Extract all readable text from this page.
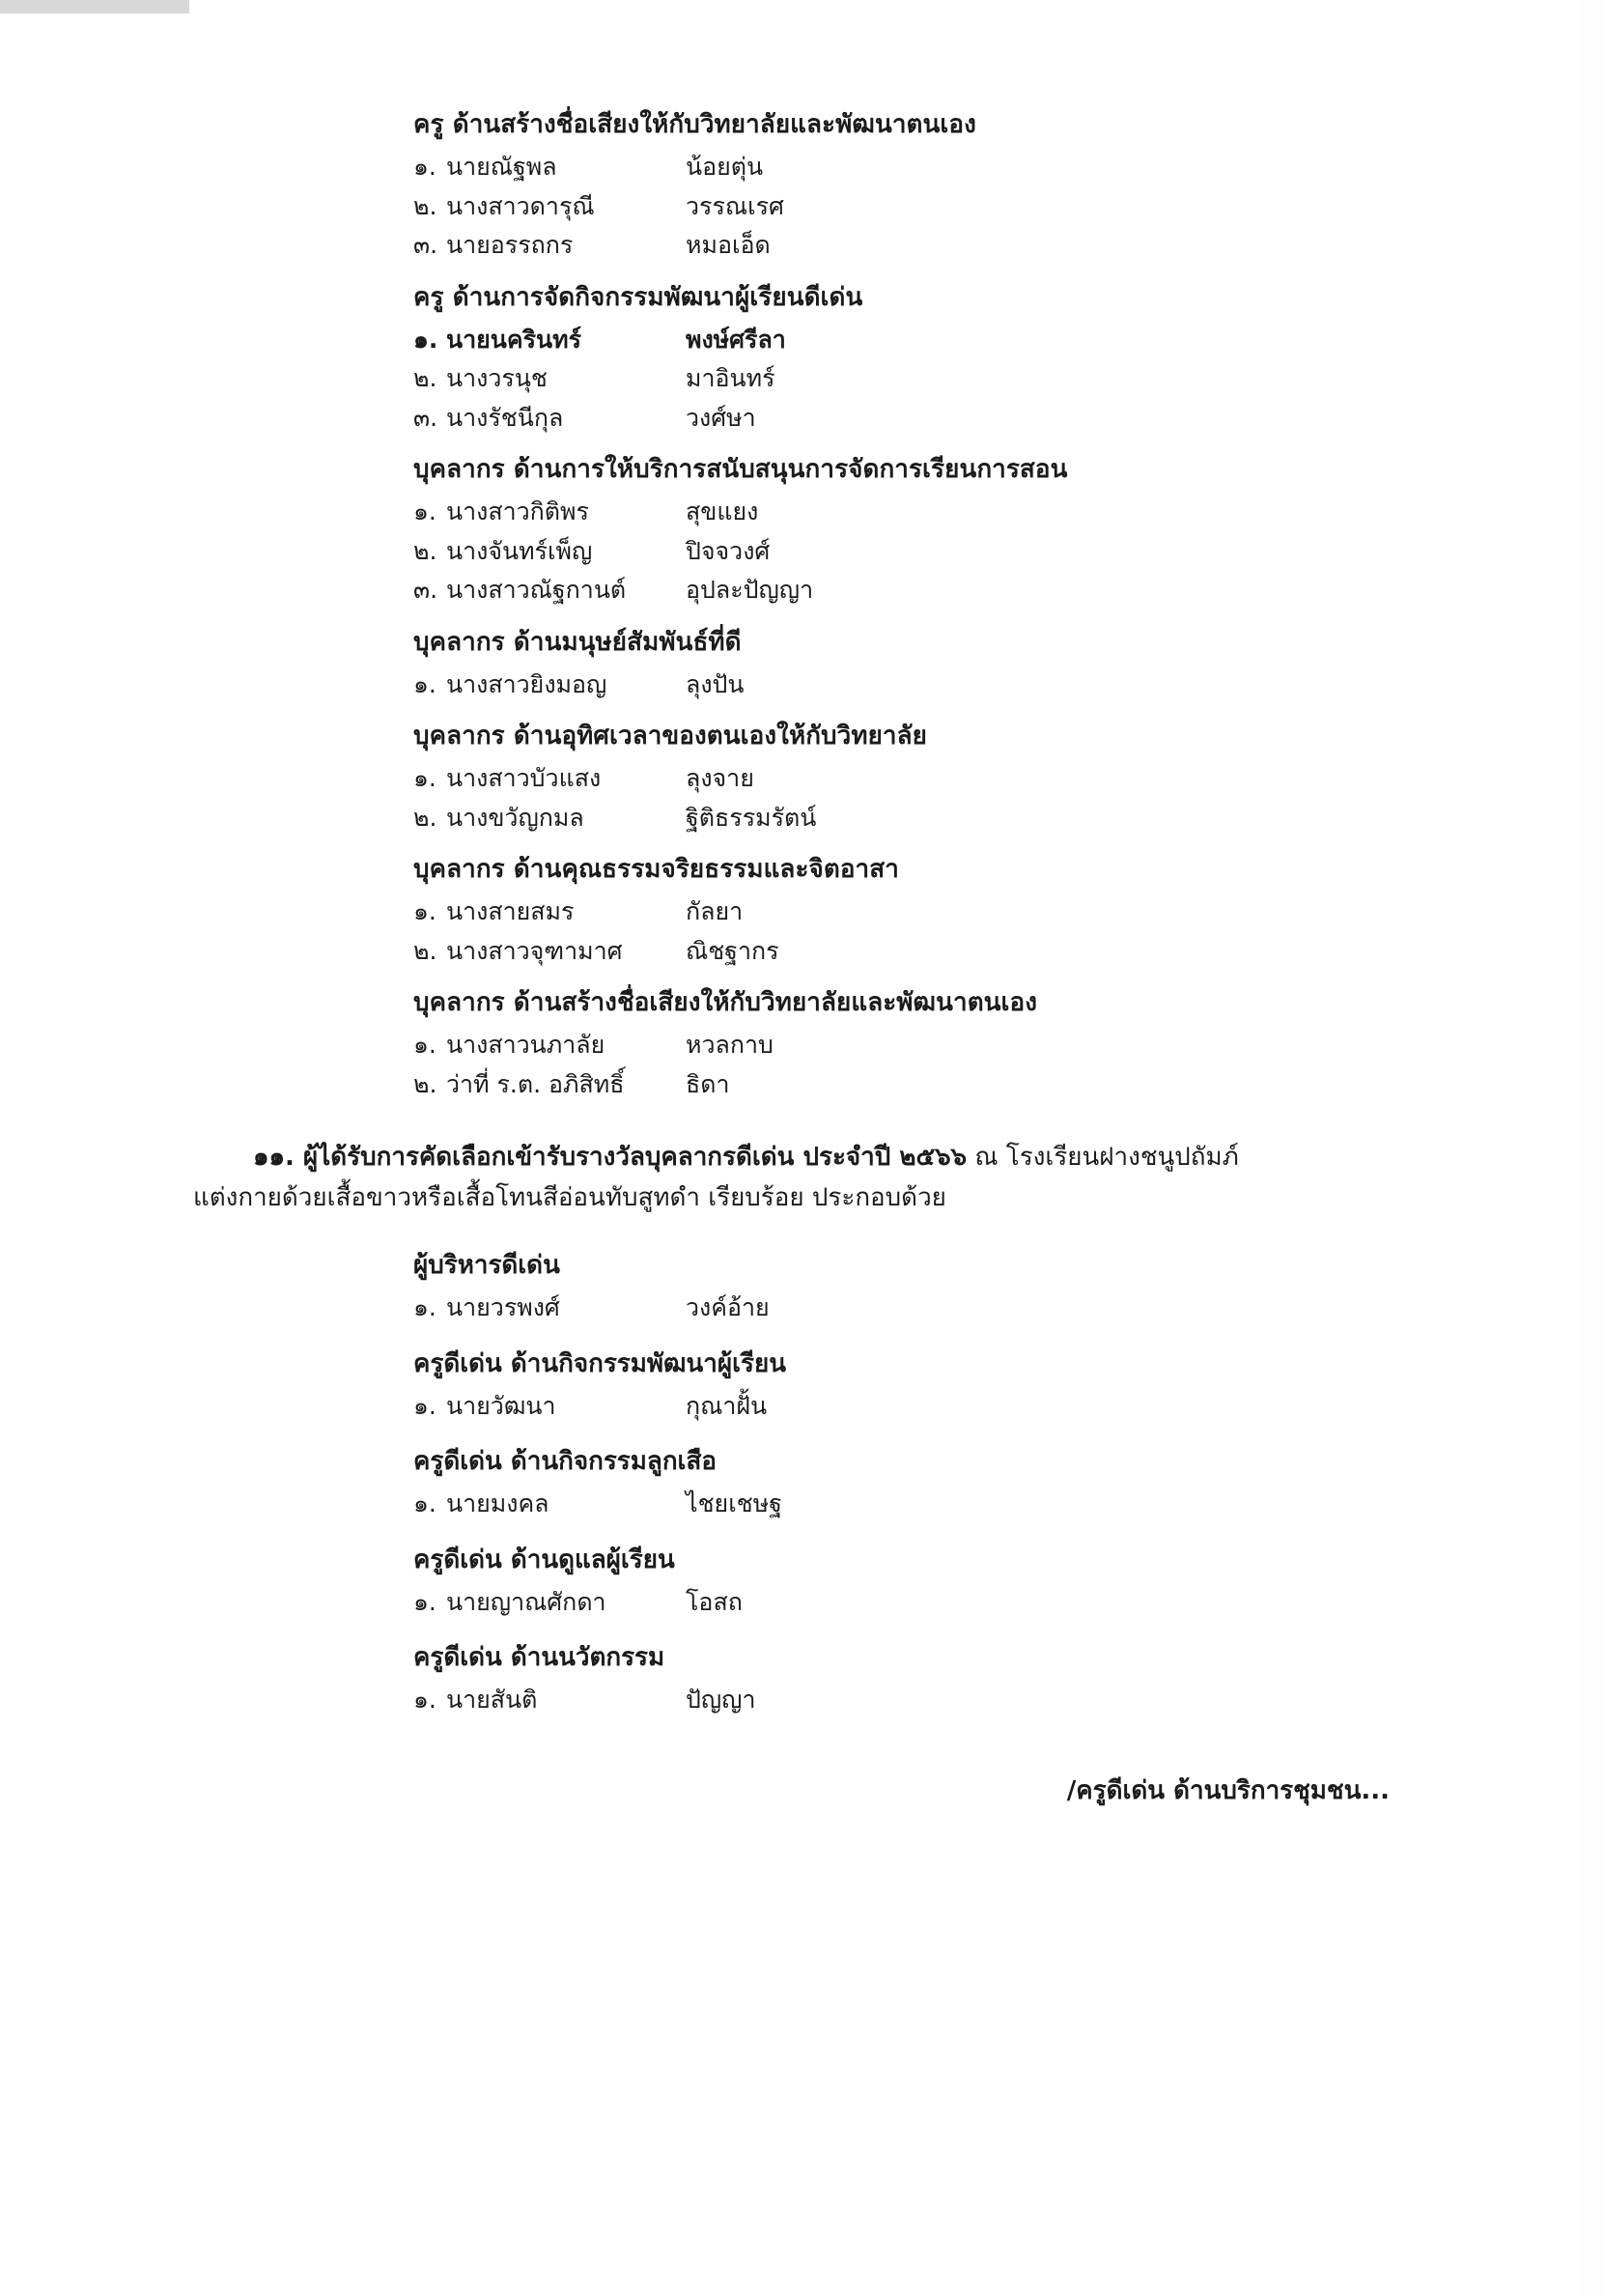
ครู ด้านสร้างชื่อเสียงให้กับวิทยาลัยและพัฒนาตนเอง
๑. นายณัฐพล	น้อยตุ่น
๒. นางสาวดารุณี	วรรณเรศ
๓. นายอรรถกร	หมอเอ็ด
ครู ด้านการจัดกิจกรรมพัฒนาผู้เรียนดีเด่น
๑. นายนครินทร์	พงษ์ศรีลา
๒. นางวรนุช	มาอินทร์
๓. นางรัชนีกุล	วงศ์ษา
บุคลากร ด้านการให้บริการสนับสนุนการจัดการเรียนการสอน
๑. นางสาวกิติพร	สุขแยง
๒. นางจันทร์เพ็ญ	ปิจจวงศ์
๓. นางสาวณัฐกานต์	อุปละปัญญา
บุคลากร ด้านมนุษย์สัมพันธ์ที่ดี
๑. นางสาวยิงมอญ	ลุงปัน
บุคลากร ด้านอุทิศเวลาของตนเองให้กับวิทยาลัย
๑. นางสาวบัวแสง	ลุงจาย
๒. นางขวัญกมล	ฐิติธรรมรัตน์
บุคลากร ด้านคุณธรรมจริยธรรมและจิตอาสา
๑. นางสายสมร	กัลยา
๒. นางสาวจุฑามาศ	ณิชฐากร
บุคลากร ด้านสร้างชื่อเสียงให้กับวิทยาลัยและพัฒนาตนเอง
๑. นางสาวนภาลัย	หวลกาบ
๒. ว่าที่ ร.ต. อภิสิทธิ์	ธิดา

๑๑. ผู้ได้รับการคัดเลือกเข้ารับรางวัลบุคลากรดีเด่น ประจำปี ๒๕๖๖ ณ โรงเรียนฝางชนูปถัมภ์

แต่งกายด้วยเสื้อขาวหรือเสื้อโทนสีอ่อนทับสูทดำ เรียบร้อย ประกอบด้วย

ผู้บริหารดีเด่น
๑. นายวรพงศ์	วงค์อ้าย
ครูดีเด่น ด้านกิจกรรมพัฒนาผู้เรียน
๑. นายวัฒนา	กุณาฝั้น
ครูดีเด่น ด้านกิจกรรมลูกเสือ
๑. นายมงคล	ไชยเชษฐ
ครูดีเด่น ด้านดูแลผู้เรียน
๑. นายญาณศักดา	โอสถ
ครูดีเด่น ด้านนวัตกรรม
๑. นายสันติ	ปัญญา
/ครูดีเด่น ด้านบริการชุมชน...
